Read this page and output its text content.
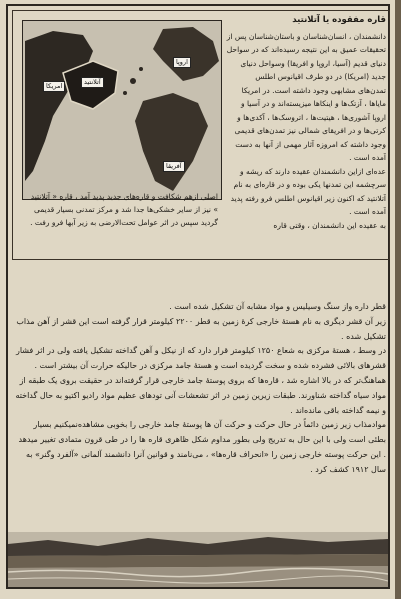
آتلانتید
اروپا
امریکا
آفریقا
اصلی ازهم شکافت و قاره‌های جدید پدید آمد ، قاره « آتلانتید » نیز از سایر خشکی‌ها جدا شد و مرکز تمدنی بسیار قدیمی گردید سپس در اثر عوامل تحت‌الارضی به زیر آبها فرو رفت .
قاره مفقوده یا آتلانتید

دانشمندان ، انسان‌شناسان و باستان‌شناسان پس از تحقیقات عمیق به این نتیجه رسیده‌اند که در سواحل دنیای قدیم (آسیا، اروپا و افریقا) وسواحل دنیای جدید (امریکا) در دو طرف اقیانوس اطلس تمدن‌های مشابهی وجود داشته است. در امریکا مایاها ، آزتک‌ها و اینکاها میزیسته‌اند و در آسیا و اروپا آشوری‌ها ، هیتیت‌ها ، اتروسک‌ها ، آکدی‌ها و کرتی‌ها و در افریقای شمالی نیز تمدن‌های قدیمی وجود داشته که امروزه آثار مهمی از آنها به دست آمده است .

عده‌ای ازاین دانشمندان عقیده دارند که ریشه و سرچشمه این تمدنها یکی بوده و در قاره‌ای به نام آتلانتید که اکنون زیر اقیانوس اطلس فرو رفته پدید آمده است .

به عقیده این دانشمندان ، وقتی قاره

قطر داره واز سنگ وسیلیس و مواد مشابه آن تشکیل شده است .

زیر آن قشر دیگری به نام هستهٔ خارجی کرهٔ زمین به قطر ۲۲۰۰ کیلومتر قرار گرفته است این قشر از آهن مذاب تشکیل شده .

در وسط ، هستهٔ مرکزی به شعاع ۱۲۵۰ کیلومتر قرار دارد که از نیکل و آهن گداخته تشکیل یافته ولی در اثر فشار قشرهای بالائی فشرده شده و سخت گردیده است و هستهٔ جامد مرکزی در حالیکه حرارت آن بیشتر است .

هماهنگ‌تر که در بالا اشاره شد ، قاره‌ها که بروی پوستهٔ جامد خارجی قرار گرفته‌اند در حقیقت بروی یک طبقه از مواد سیاه گداخته شناورند. طبقات زیرین زمین در اثر تشعشات آنی تودهای عظیم مواد رادیو اکتیو به حال گداخته و نیمه گداخته باقی مانده‌اند .

موادمذاب زیر زمین دائماً در حال حرکت و حرکت آن ها پوستهٔ جامد خارجی را بخوبی مشاهده‌نمیکنیم بسیار بطئی است ولی با این حال به تدریج ولی بطور مداوم شکل ظاهری قاره ها را در طی قرون متمادی تغییر میدهد . این حرکت پوسته خارجی زمین را «انحراف قاره‌ها» ، می‌نامند و قوانین آنرا دانشمند آلمانی «آلفرد وگنر» به سال ۱۹۱۲ کشف کرد .
